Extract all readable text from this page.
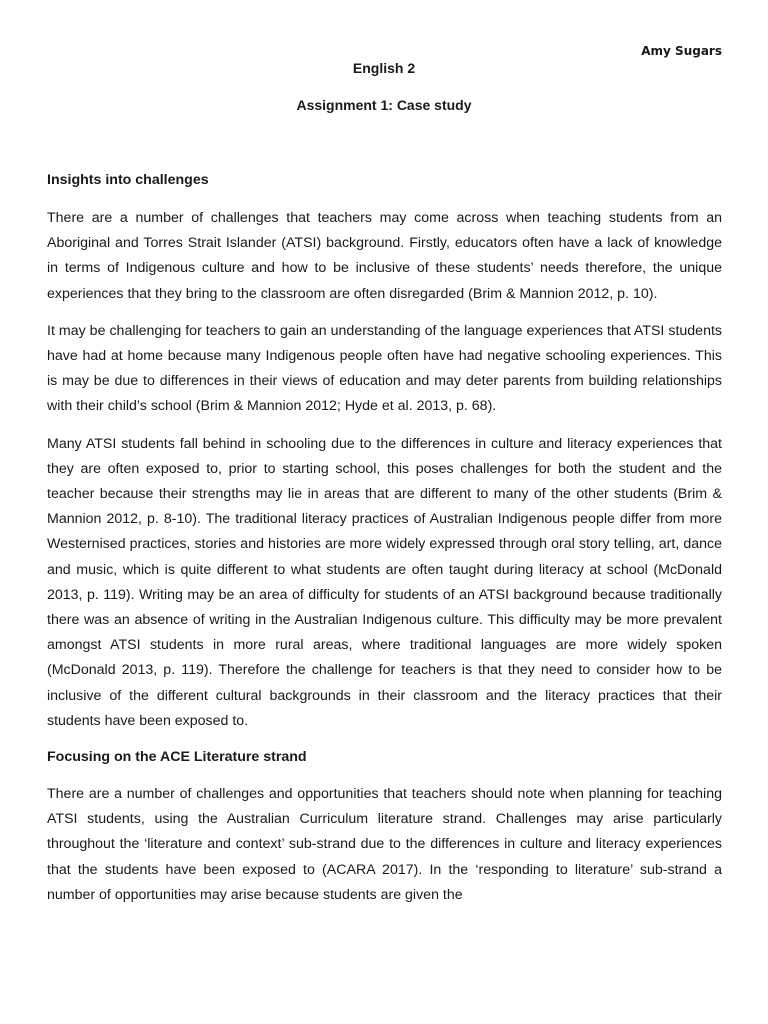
Amy Sugars
English 2
Assignment 1: Case study
Insights into challenges

There are a number of challenges that teachers may come across when teaching students from an Aboriginal and Torres Strait Islander (ATSI) background. Firstly, educators often have a lack of knowledge in terms of Indigenous culture and how to be inclusive of these students’ needs therefore, the unique experiences that they bring to the classroom are often disregarded (Brim & Mannion 2012, p. 10).

It may be challenging for teachers to gain an understanding of the language experiences that ATSI students have had at home because many Indigenous people often have had negative schooling experiences. This is may be due to differences in their views of education and may deter parents from building relationships with their child’s school (Brim & Mannion 2012; Hyde et al. 2013, p. 68).

Many ATSI students fall behind in schooling due to the differences in culture and literacy experiences that they are often exposed to, prior to starting school, this poses challenges for both the student and the teacher because their strengths may lie in areas that are different to many of the other students (Brim & Mannion 2012, p. 8-10). The traditional literacy practices of Australian Indigenous people differ from more Westernised practices, stories and histories are more widely expressed through oral story telling, art, dance and music, which is quite different to what students are often taught during literacy at school (McDonald 2013, p. 119). Writing may be an area of difficulty for students of an ATSI background because traditionally there was an absence of writing in the Australian Indigenous culture. This difficulty may be more prevalent amongst ATSI students in more rural areas, where traditional languages are more widely spoken (McDonald 2013, p. 119). Therefore the challenge for teachers is that they need to consider how to be inclusive of the different cultural backgrounds in their classroom and the literacy practices that their students have been exposed to.

Focusing on the ACE Literature strand

There are a number of challenges and opportunities that teachers should note when planning for teaching ATSI students, using the Australian Curriculum literature strand. Challenges may arise particularly throughout the ‘literature and context’ sub-strand due to the differences in culture and literacy experiences that the students have been exposed to (ACARA 2017). In the ‘responding to literature’ sub-strand a number of opportunities may arise because students are given the
